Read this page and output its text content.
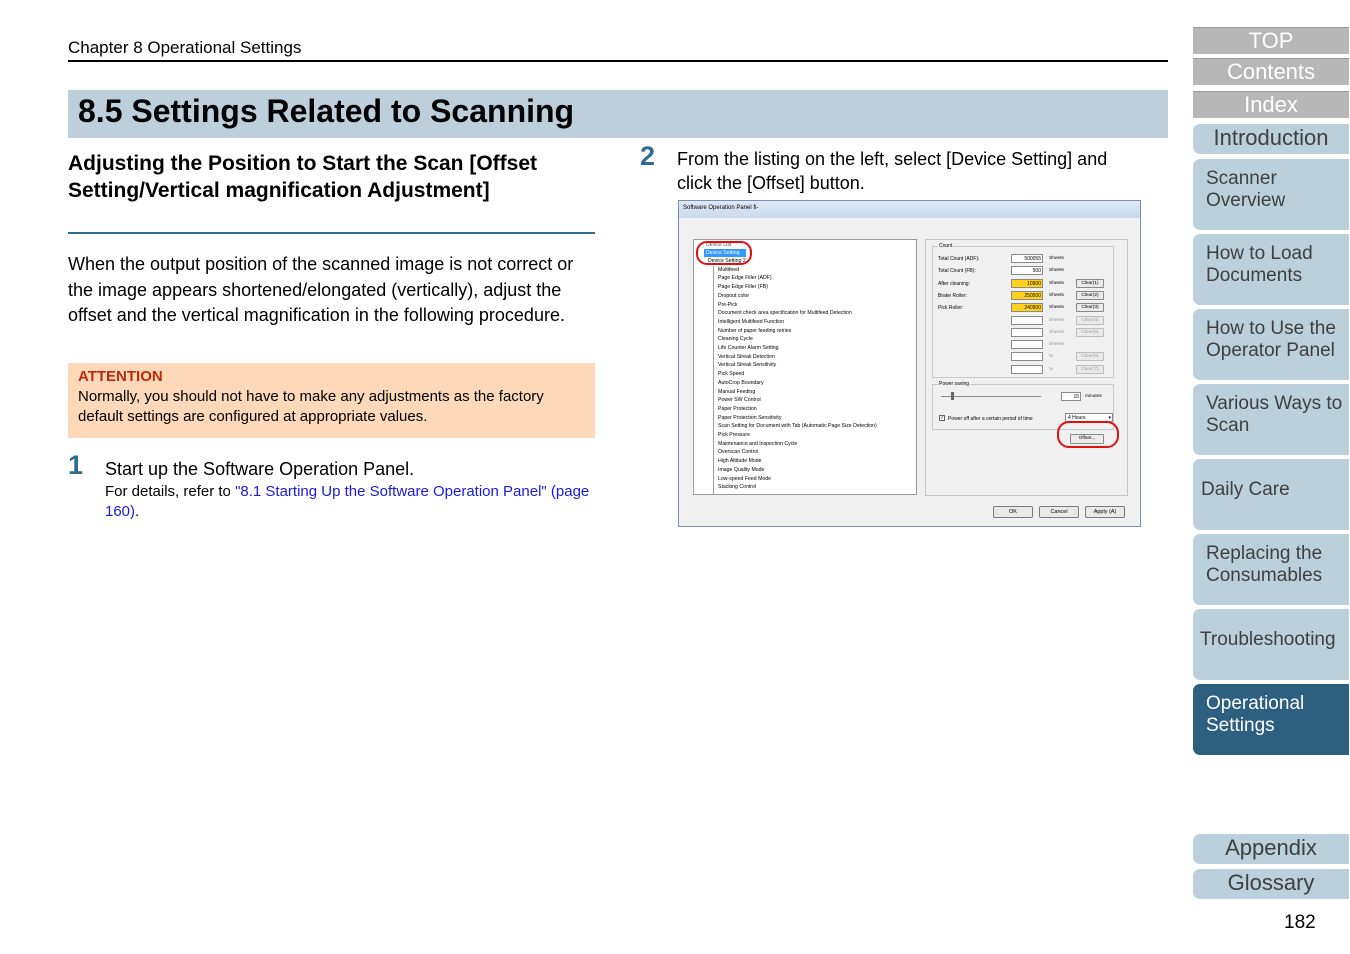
Chapter 8 Operational Settings
8.5 Settings Related to Scanning
Adjusting the Position to Start the Scan [Offset Setting/Vertical magnification Adjustment]
When the output position of the scanned image is not correct or the image appears shortened/elongated (vertically), adjust the offset and the vertical magnification in the following procedure.
ATTENTION
Normally, you should not have to make any adjustments as the factory default settings are configured at appropriate values.
1 Start up the Software Operation Panel.
For details, refer to "8.1 Starting Up the Software Operation Panel" (page 160).
2 From the listing on the left, select [Device Setting] and click the [Offset] button.
Software Operation Panel fi-
Device List
Device Setting
Device Setting 2
Multifeed
Page Edge Filler (ADF)
Page Edge Filler (FB)
Dropout color
Pre-Pick
Document check area specification for Multifeed Detection
Intelligent Multifeed Function
Number of paper feeding retries
Cleaning Cycle
Life Counter Alarm Setting
Vertical Streak Detection
Vertical Streak Sensitivity
Pick Speed
AutoCrop Boundary
Manual Feeding
Power SW Control
Paper Protection
Paper Protection Sensitivity
Scan Setting for Document with Tab (Automatic Page Size Detection)
Pick Pressure
Maintenance and Inspection Cycle
Overscan Control
High Altitude Mode
Image Quality Mode
Low-speed Feed Mode
Stacking Control
Count
Total Count (ADF):	500055	Sheets
Total Count (FB):	500	Sheets
After cleaning:	10500	Sheets	Clear(1)
Brake Roller:	250500	Sheets	Clear(2)
Pick Roller:	240500	Sheets	Clear(3)
Sheets	Clear(4)
Sheets	Clear(5)
Sheets
%	Clear(6)
%	Clear(7)
Power saving
15	minutes
✓ Power off after a certain period of time	4 Hours	▾
Offset...
OK	Cancel	Apply (A)
TOP
Contents
Index
Introduction
Scanner Overview
How to Load Documents
How to Use the Operator Panel
Various Ways to Scan
Daily Care
Replacing the Consumables
Troubleshooting
Operational Settings
Appendix
Glossary
182
